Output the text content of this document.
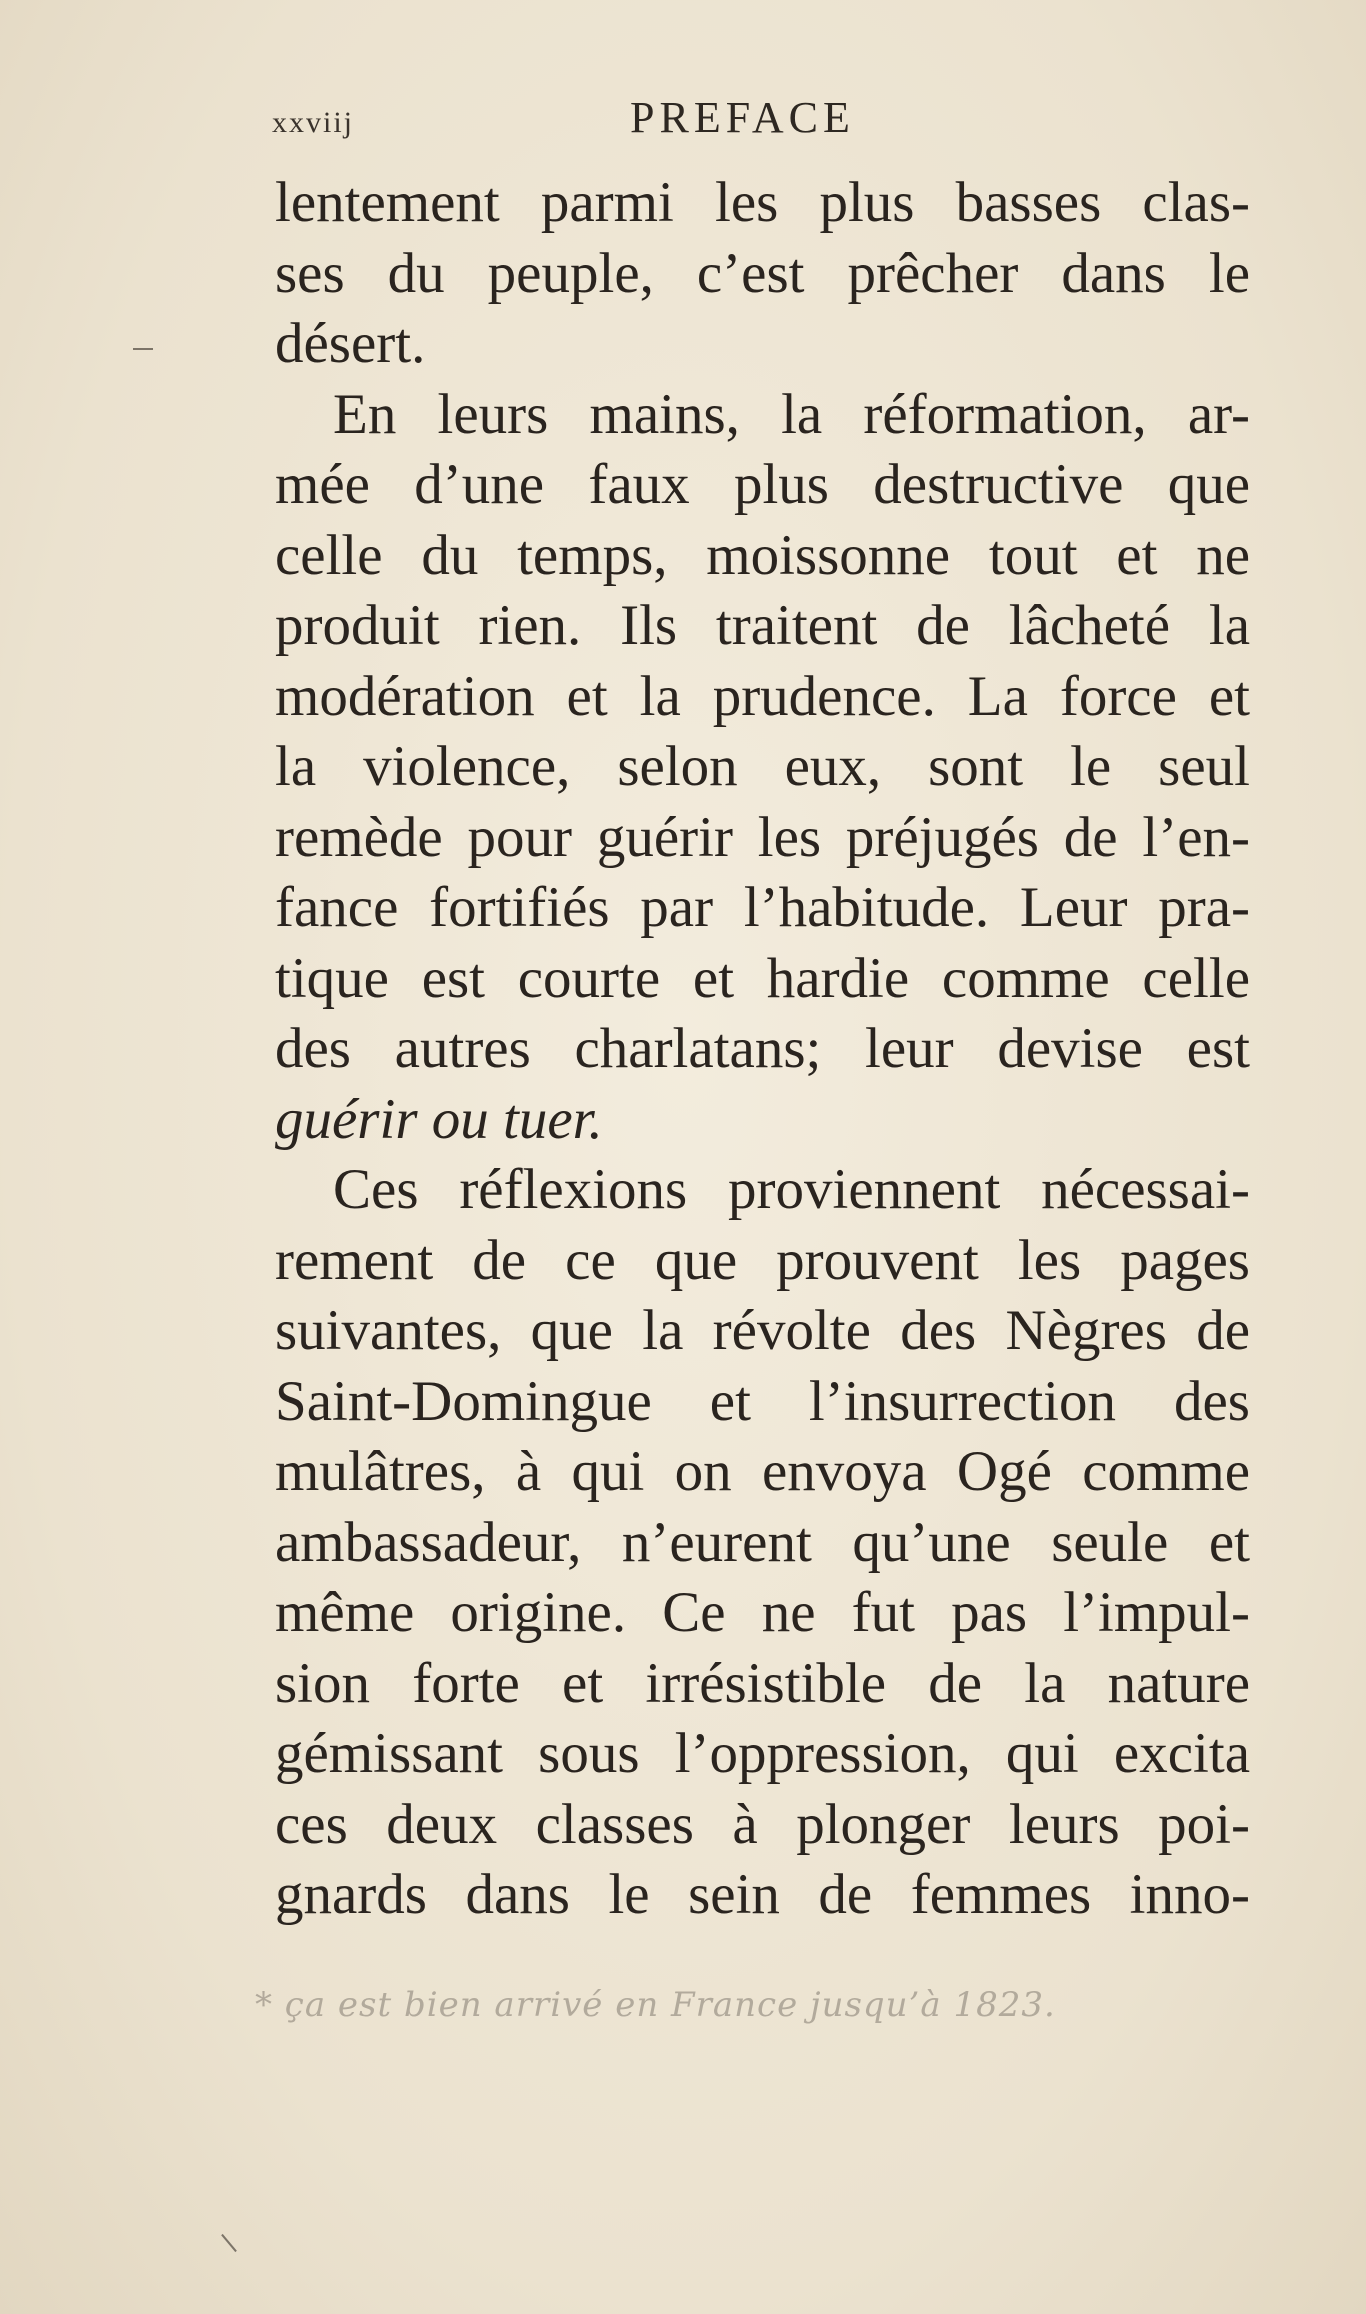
xxviij	PREFACE
lentement parmi les plus basses clas-
ses du peuple, c’est prêcher dans le
désert.
En leurs mains, la réformation, ar-
mée d’une faux plus destructive que
celle du temps, moissonne tout et ne
produit rien. Ils traitent de lâcheté la
modération et la prudence. La force et
la violence, selon eux, sont le seul
remède pour guérir les préjugés de l’en-
fance fortifiés par l’habitude. Leur pra-
tique est courte et hardie comme celle
des autres charlatans; leur devise est
guérir ou tuer.
Ces réflexions proviennent nécessai-
rement de ce que prouvent les pages
suivantes, que la révolte des Nègres de
Saint-Domingue et l’insurrection des
mulâtres, à qui on envoya Ogé comme
ambassadeur, n’eurent qu’une seule et
même origine. Ce ne fut pas l’impul-
sion forte et irrésistible de la nature
gémissant sous l’oppression, qui excita
ces deux classes à plonger leurs poi-
gnards dans le sein de femmes inno-
* ça est bien arrivé en France jusqu’à 1823.
